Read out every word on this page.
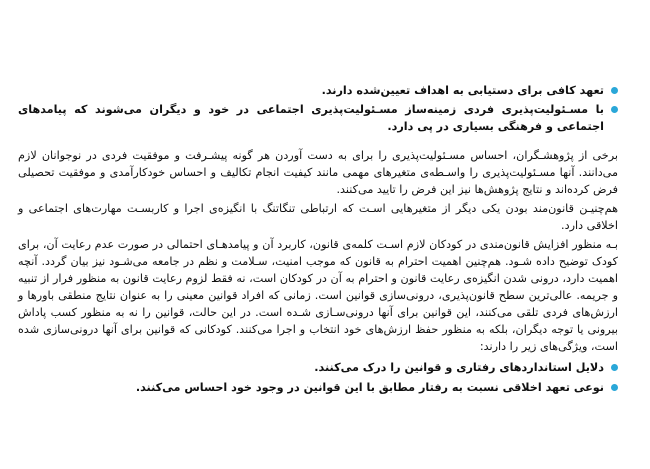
تعهد کافی برای دستیابی به اهداف تعیین‌شده دارند.
با مسـئولیت‌پذیری فردی زمینه‌ساز مسـئولیت‌پذیری اجتماعی در خود و دیگران می‌شوند که پیامدهای اجتماعی و فرهنگی بسیاری در پی دارد.

برخی از پژوهشـگران، احساس مسـئولیت‌پذیری را برای به دست آوردن هر گونه پیشـرفت و موفقیت فردی در نوجوانان لازم می‌دانند. آنها مسـئولیت‌پذیری را واسـطه‌ی متغیرهای مهمی مانند کیفیت انجام تکالیف و احساس خودکارآمدی و موفقیت تحصیلی فرض کرده‌اند و نتایج پژوهش‌ها نیز این فرض را تایید می‌کنند.

هم‌چنیـن قانون‌مند بودن یکی دیگر از متغیرهایی اسـت که ارتباطی تنگاتنگ با انگیزه‌ی اجرا و کاربسـت مهارت‌های اجتماعی و اخلاقی دارد.

بـه منظور افزایش قانون‌مندی در کودکان لازم اسـت کلمه‌ی قانون، کاربرد آن و پیامدهـای احتمالی در صورت عدم رعایت آن، برای کودک توضیح داده شـود. هم‌چنین اهمیت احترام به قانون که موجب امنیت، سـلامت و نظم در جامعه می‌شـود نیز بیان گردد. آنچه اهمیت دارد، درونی شدن انگیزه‌ی رعایت قانون و احترام به آن در کودکان است، نه فقط لزوم رعایت قانون به منظور فرار از تنبیه و جریمه. عالی‌ترین سطح قانون‌پذیری، درونی‌سازی قوانین است. زمانی که افراد قوانین معینی را به عنوان نتایج منطقی باورها و ارزش‌های فردی تلقی می‌کنند، این قوانین برای آنها درونی‌سـازی شـده است. در این حالت، قوانین را نه به منظور کسب پاداش بیرونی یا توجه دیگران، بلکه به منظور حفظ ارزش‌های خود انتخاب و اجرا می‌کنند. کودکانی که قوانین برای آنها درونی‌سازی شده است، ویژگی‌های زیر را دارند:

دلایل استانداردهای رفتاری و قوانین را درک می‌کنند.
نوعی تعهد اخلاقی نسبت به رفتار مطابق با این قوانین در وجود خود احساس می‌کنند.
